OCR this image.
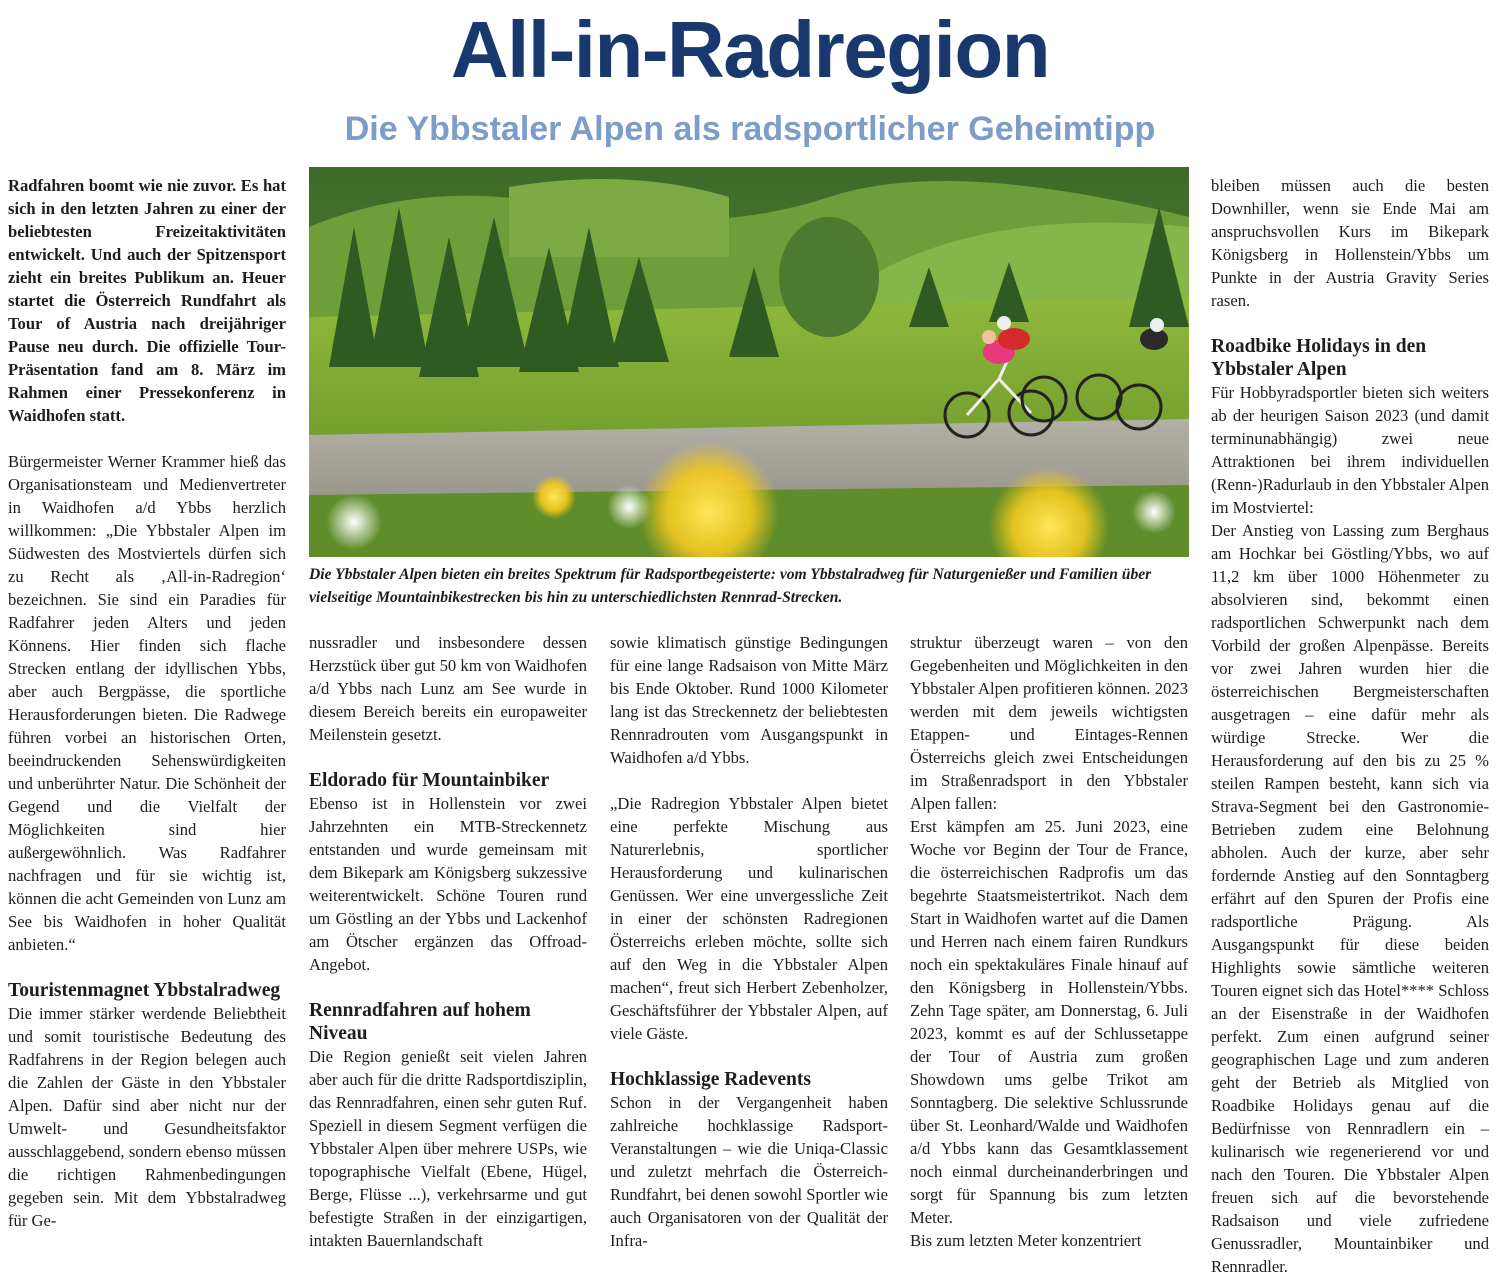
All-in-Radregion
Die Ybbstaler Alpen als radsportlicher Geheimtipp

Radfahren boomt wie nie zuvor. Es hat sich in den letzten Jahren zu einer der beliebtesten Freizeitaktivitäten entwickelt. Und auch der Spitzensport zieht ein breites Publikum an. Heuer startet die Österreich Rundfahrt als Tour of Austria nach dreijähriger Pause neu durch. Die offizielle Tour-Präsentation fand am 8. März im Rahmen einer Pressekonferenz in Waidhofen statt.

Bürgermeister Werner Krammer hieß das Organisationsteam und Medienvertreter in Waidhofen a/d Ybbs herzlich willkommen: „Die Ybbstaler Alpen im Südwesten des Mostviertels dürfen sich zu Recht als ‚All-in-Radregion‘ bezeichnen. Sie sind ein Paradies für Radfahrer jeden Alters und jeden Könnens. Hier finden sich flache Strecken entlang der idyllischen Ybbs, aber auch Bergpässe, die sportliche Herausforderungen bieten. Die Radwege führen vorbei an historischen Orten, beeindruckenden Sehenswürdigkeiten und unberührter Natur. Die Schönheit der Gegend und die Vielfalt der Möglichkeiten sind hier außergewöhnlich. Was Radfahrer nachfragen und für sie wichtig ist, können die acht Gemeinden von Lunz am See bis Waidhofen in hoher Qualität anbieten.“

Touristenmagnet Ybbstalradweg

Die immer stärker werdende Beliebtheit und somit touristische Bedeutung des Radfahrens in der Region belegen auch die Zahlen der Gäste in den Ybbstaler Alpen. Dafür sind aber nicht nur der Umwelt- und Gesundheitsfaktor ausschlaggebend, sondern ebenso müssen die richtigen Rahmenbedingungen gegeben sein. Mit dem Ybbstalradweg für Ge-

Die Ybbstaler Alpen bieten ein breites Spektrum für Radsportbegeisterte: vom Ybbstalradweg für Naturgenießer und Familien über vielseitige Mountainbikestrecken bis hin zu unterschiedlichsten Rennrad-Strecken.

nussradler und insbesondere dessen Herzstück über gut 50 km von Waidhofen a/d Ybbs nach Lunz am See wurde in diesem Bereich bereits ein europaweiter Meilenstein gesetzt.

Eldorado für Mountainbiker

Ebenso ist in Hollenstein vor zwei Jahrzehnten ein MTB-Streckennetz entstanden und wurde gemeinsam mit dem Bikepark am Königsberg sukzessive weiterentwickelt. Schöne Touren rund um Göstling an der Ybbs und Lackenhof am Ötscher ergänzen das Offroad-Angebot.

Rennradfahren auf hohem Niveau

Die Region genießt seit vielen Jahren aber auch für die dritte Radsportdisziplin, das Rennradfahren, einen sehr guten Ruf. Speziell in diesem Segment verfügen die Ybbstaler Alpen über mehrere USPs, wie topographische Vielfalt (Ebene, Hügel, Berge, Flüsse ...), verkehrsarme und gut befestigte Straßen in der einzigartigen, intakten Bauernlandschaft

sowie klimatisch günstige Bedingungen für eine lange Radsaison von Mitte März bis Ende Oktober. Rund 1000 Kilometer lang ist das Streckennetz der beliebtesten Rennradrouten vom Ausgangspunkt in Waidhofen a/d Ybbs.

„Die Radregion Ybbstaler Alpen bietet eine perfekte Mischung aus Naturerlebnis, sportlicher Herausforderung und kulinarischen Genüssen. Wer eine unvergessliche Zeit in einer der schönsten Radregionen Österreichs erleben möchte, sollte sich auf den Weg in die Ybbstaler Alpen machen“, freut sich Herbert Zebenholzer, Geschäftsführer der Ybbstaler Alpen, auf viele Gäste.

Hochklassige Radevents

Schon in der Vergangenheit haben zahlreiche hochklassige Radsport-Veranstaltungen – wie die Uniqa-Classic und zuletzt mehrfach die Österreich-Rundfahrt, bei denen sowohl Sportler wie auch Organisatoren von der Qualität der Infra-

struktur überzeugt waren – von den Gegebenheiten und Möglichkeiten in den Ybbstaler Alpen profitieren können. 2023 werden mit dem jeweils wichtigsten Etappen- und Eintages-Rennen Österreichs gleich zwei Entscheidungen im Straßenradsport in den Ybbstaler Alpen fallen:

Erst kämpfen am 25. Juni 2023, eine Woche vor Beginn der Tour de France, die österreichischen Radprofis um das begehrte Staatsmeistertrikot. Nach dem Start in Waidhofen wartet auf die Damen und Herren nach einem fairen Rundkurs noch ein spektakuläres Finale hinauf auf den Königsberg in Hollenstein/Ybbs. Zehn Tage später, am Donnerstag, 6. Juli 2023, kommt es auf der Schlussetappe der Tour of Austria zum großen Showdown ums gelbe Trikot am Sonntagberg. Die selektive Schlussrunde über St. Leonhard/Walde und Waidhofen a/d Ybbs kann das Gesamtklassement noch einmal durcheinanderbringen und sorgt für Spannung bis zum letzten Meter.

Bis zum letzten Meter konzentriert

bleiben müssen auch die besten Downhiller, wenn sie Ende Mai am anspruchsvollen Kurs im Bikepark Königsberg in Hollenstein/Ybbs um Punkte in der Austria Gravity Series rasen.

Roadbike Holidays in den Ybbstaler Alpen

Für Hobbyradsportler bieten sich weiters ab der heurigen Saison 2023 (und damit terminunabhängig) zwei neue Attraktionen bei ihrem individuellen (Renn-)Radurlaub in den Ybbstaler Alpen im Mostviertel:

Der Anstieg von Lassing zum Berghaus am Hochkar bei Göstling/Ybbs, wo auf 11,2 km über 1000 Höhenmeter zu absolvieren sind, bekommt einen radsportlichen Schwerpunkt nach dem Vorbild der großen Alpenpässe. Bereits vor zwei Jahren wurden hier die österreichischen Bergmeisterschaften ausgetragen – eine dafür mehr als würdige Strecke. Wer die Herausforderung auf den bis zu 25 % steilen Rampen besteht, kann sich via Strava-Segment bei den Gastronomie-Betrieben zudem eine Belohnung abholen. Auch der kurze, aber sehr fordernde Anstieg auf den Sonntagberg erfährt auf den Spuren der Profis eine radsportliche Prägung. Als Ausgangspunkt für diese beiden Highlights sowie sämtliche weiteren Touren eignet sich das Hotel**** Schloss an der Eisenstraße in der Waidhofen perfekt. Zum einen aufgrund seiner geographischen Lage und zum anderen geht der Betrieb als Mitglied von Roadbike Holidays genau auf die Bedürfnisse von Rennradlern ein – kulinarisch wie regenerierend vor und nach den Touren. Die Ybbstaler Alpen freuen sich auf die bevorstehende Radsaison und viele zufriedene Genussradler, Mountainbiker und Rennradler.
